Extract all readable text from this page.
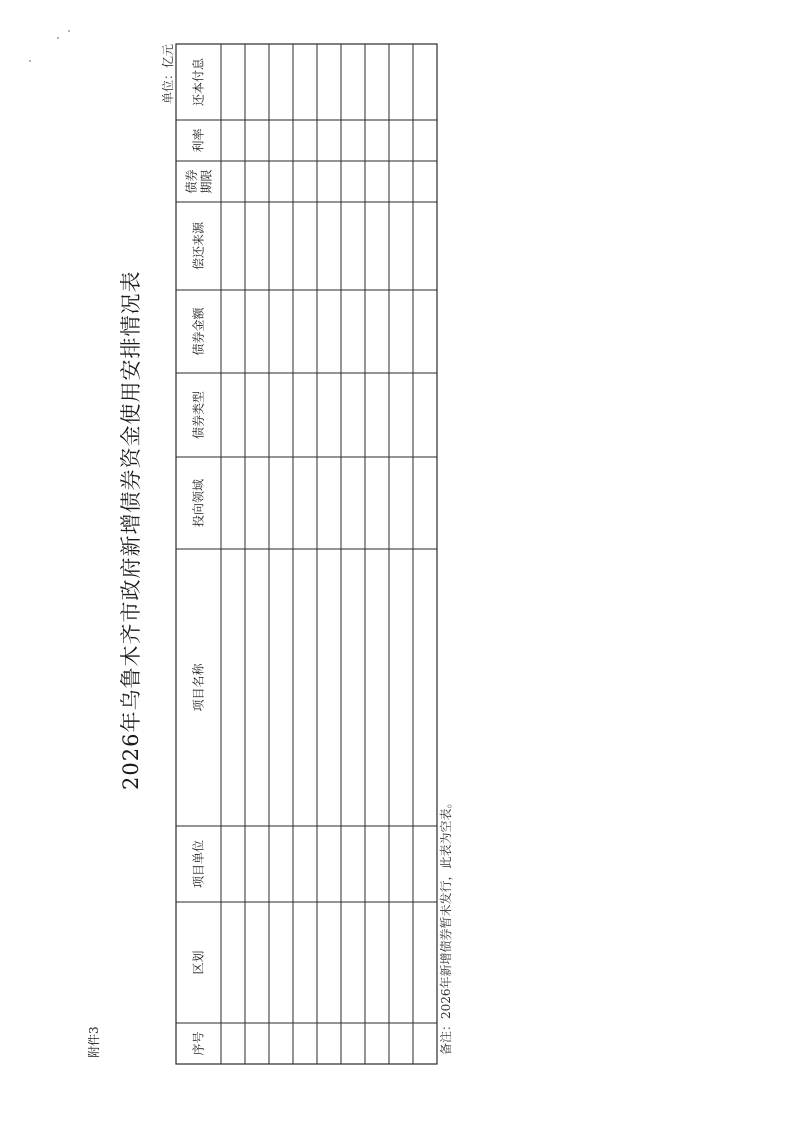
序号
区划
项目单位
项目名称
投向领域
债券类型
债券金额
偿还来源
债券期限
利率
还本付息
2026年乌鲁木齐市政府新增债券资金使用安排情况表
单位：亿元
附件3	备注：2026年新增债券暂未发行，此表为空表。
